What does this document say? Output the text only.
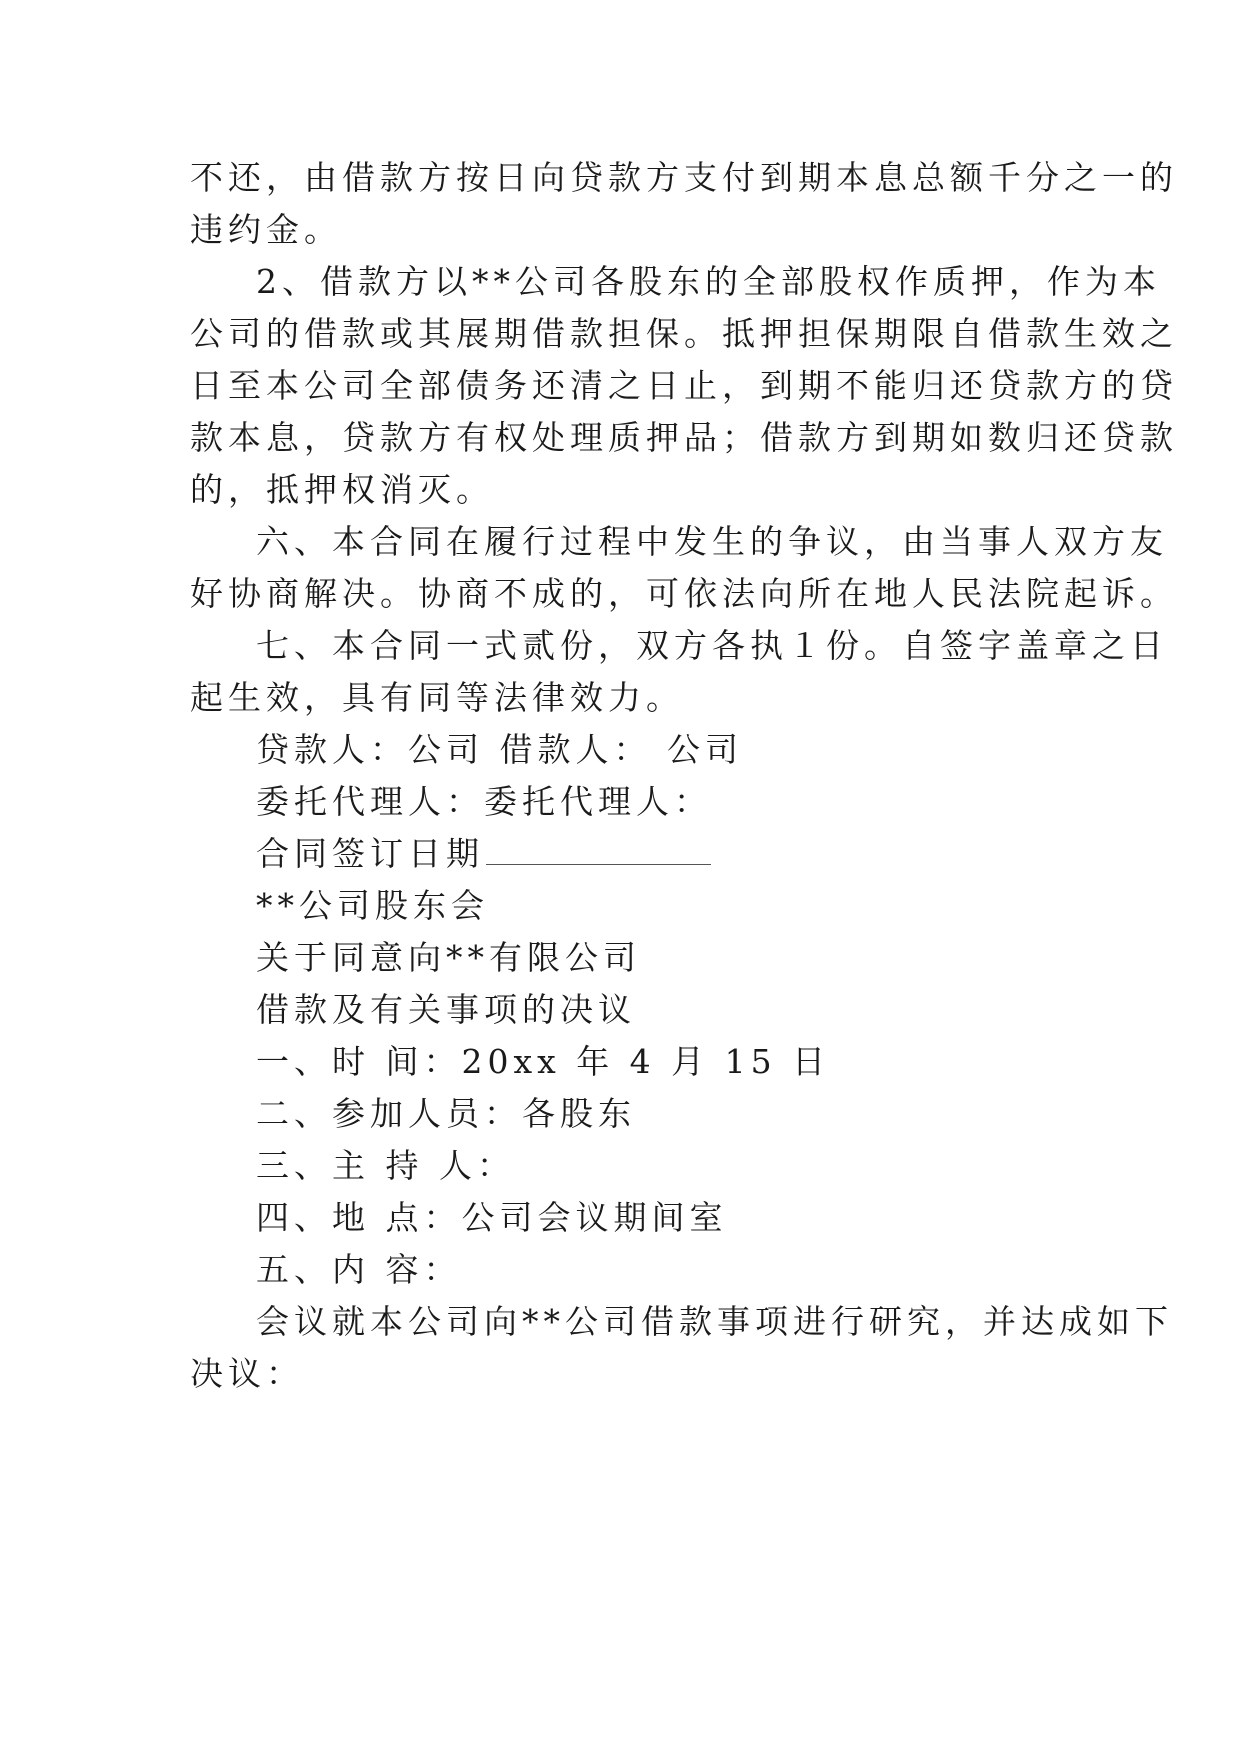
不还，由借款方按日向贷款方支付到期本息总额千分之一的
违约金。
2、借款方以**公司各股东的全部股权作质押，作为本
公司的借款或其展期借款担保。抵押担保期限自借款生效之
日至本公司全部债务还清之日止，到期不能归还贷款方的贷
款本息，贷款方有权处理质押品；借款方到期如数归还贷款
的，抵押权消灭。
六、本合同在履行过程中发生的争议，由当事人双方友
好协商解决。协商不成的，可依法向所在地人民法院起诉。
七、本合同一式贰份，双方各执１份。自签字盖章之日
起生效，具有同等法律效力。
贷款人：公司 借款人： 公司
委托代理人：委托代理人：
合同签订日期
**公司股东会
关于同意向**有限公司
借款及有关事项的决议
一、时 间：20xx 年 4 月 15 日
二、参加人员：各股东
三、主 持 人：
四、地 点：公司会议期间室
五、内 容：
会议就本公司向**公司借款事项进行研究，并达成如下
决议：
